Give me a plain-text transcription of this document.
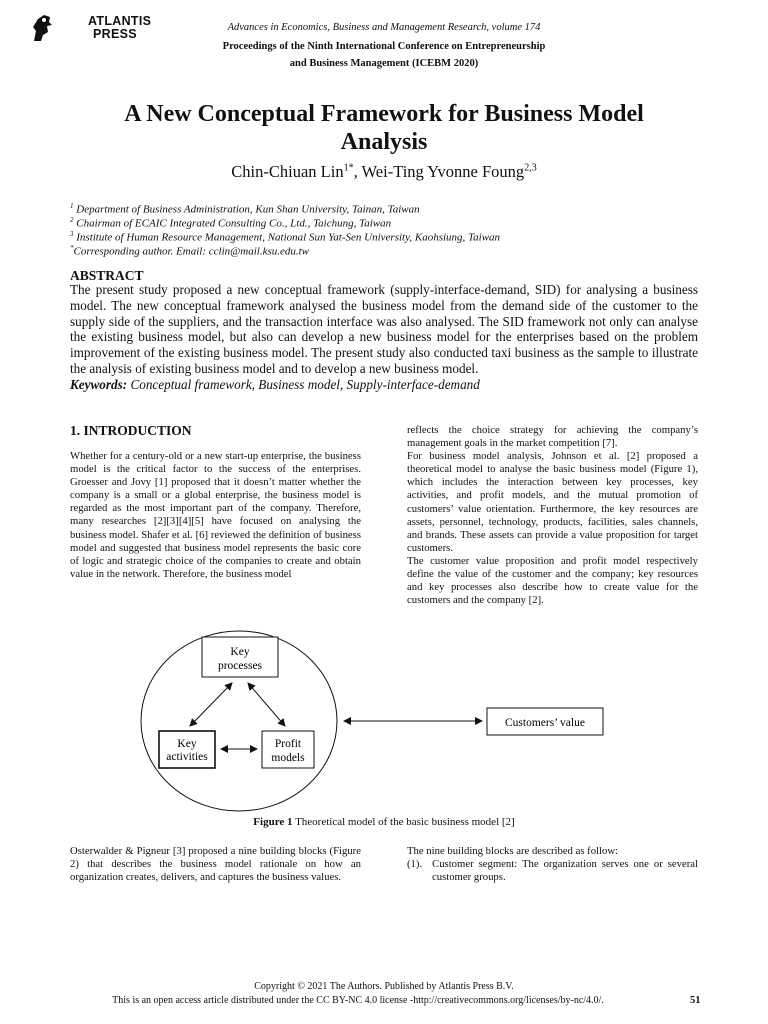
ATLANTIS
PRESS	Advances in Economics, Business and Management Research, volume 174
Proceedings of the Ninth International Conference on Entrepreneurship
and Business Management (ICEBM 2020)
A New Conceptual Framework for Business Model
Analysis
Chin-Chiuan Lin$^{1*}$, Wei-Ting Yvonne Foung$^{2,3}$
$^1$ Department of Business Administration, Kun Shan University, Tainan, Taiwan
$^2$ Chairman of ECAIC Integrated Consulting Co., Ltd., Taichung, Taiwan
$^3$ Institute of Human Resource Management, National Sun Yat-Sen University, Kaohsiung, Taiwan
*Corresponding author. Email: cclin@mail.ksu.edu.tw
ABSTRACT
The present study proposed a new conceptual framework (supply-interface-demand, SID) for analysing a business model. The new conceptual framework analysed the business model from the demand side of the customer to the supply side of the suppliers, and the transaction interface was also analysed. The SID framework not only can analyse the existing business model, but also can develop a new business model for the enterprises based on the problem improvement of the existing business model. The present study also conducted taxi business as the sample to illustrate the analysis of existing business model and to develop a new business model.
Keywords: Conceptual framework, Business model, Supply-interface-demand
1. INTRODUCTION

Whether for a century-old or a new start-up enterprise, the business model is the critical factor to the success of the enterprises. Groesser and Jovy [1] proposed that it doesn’t matter whether the company is a small or a global enterprise, the business model is regarded as the most important part of the company. Therefore, many researches [2][3][4][5] have focused on analysing the business model. Shafer et al. [6] reviewed the definition of business model and suggested that business model represents the basic core of logic and strategic choice of the companies to create and obtain value in the network. Therefore, the business model

reflects the choice strategy for achieving the company’s management goals in the market competition [7].

For business model analysis, Johnson et al. [2] proposed a theoretical model to analyse the basic business model (Figure 1), which includes the interaction between key processes, key activities, and profit models, and the mutual promotion of customers’ value orientation. Furthermore, the key resources are assets, personnel, technology, products, facilities, sales channels, and brands. These assets can provide a value proposition for target customers.

The customer value proposition and profit model respectively define the value of the customer and the company; key resources and key processes also describe how to create value for the customers and the company [2].

Key
processes
Key
activities
Profit
models
Customers’ value
Figure 1 Theoretical model of the basic business model [2]

Osterwalder & Pigneur [3] proposed a nine building blocks (Figure 2) that describes the business model rationale on how an organization creates, delivers, and captures the business values.

The nine building blocks are described as follow:

(1).  Customer segment: The organization serves one or several customer groups.

Copyright © 2021 The Authors. Published by Atlantis Press B.V.
This is an open access article distributed under the CC BY-NC 4.0 license -http://creativecommons.org/licenses/by-nc/4.0/.	51
